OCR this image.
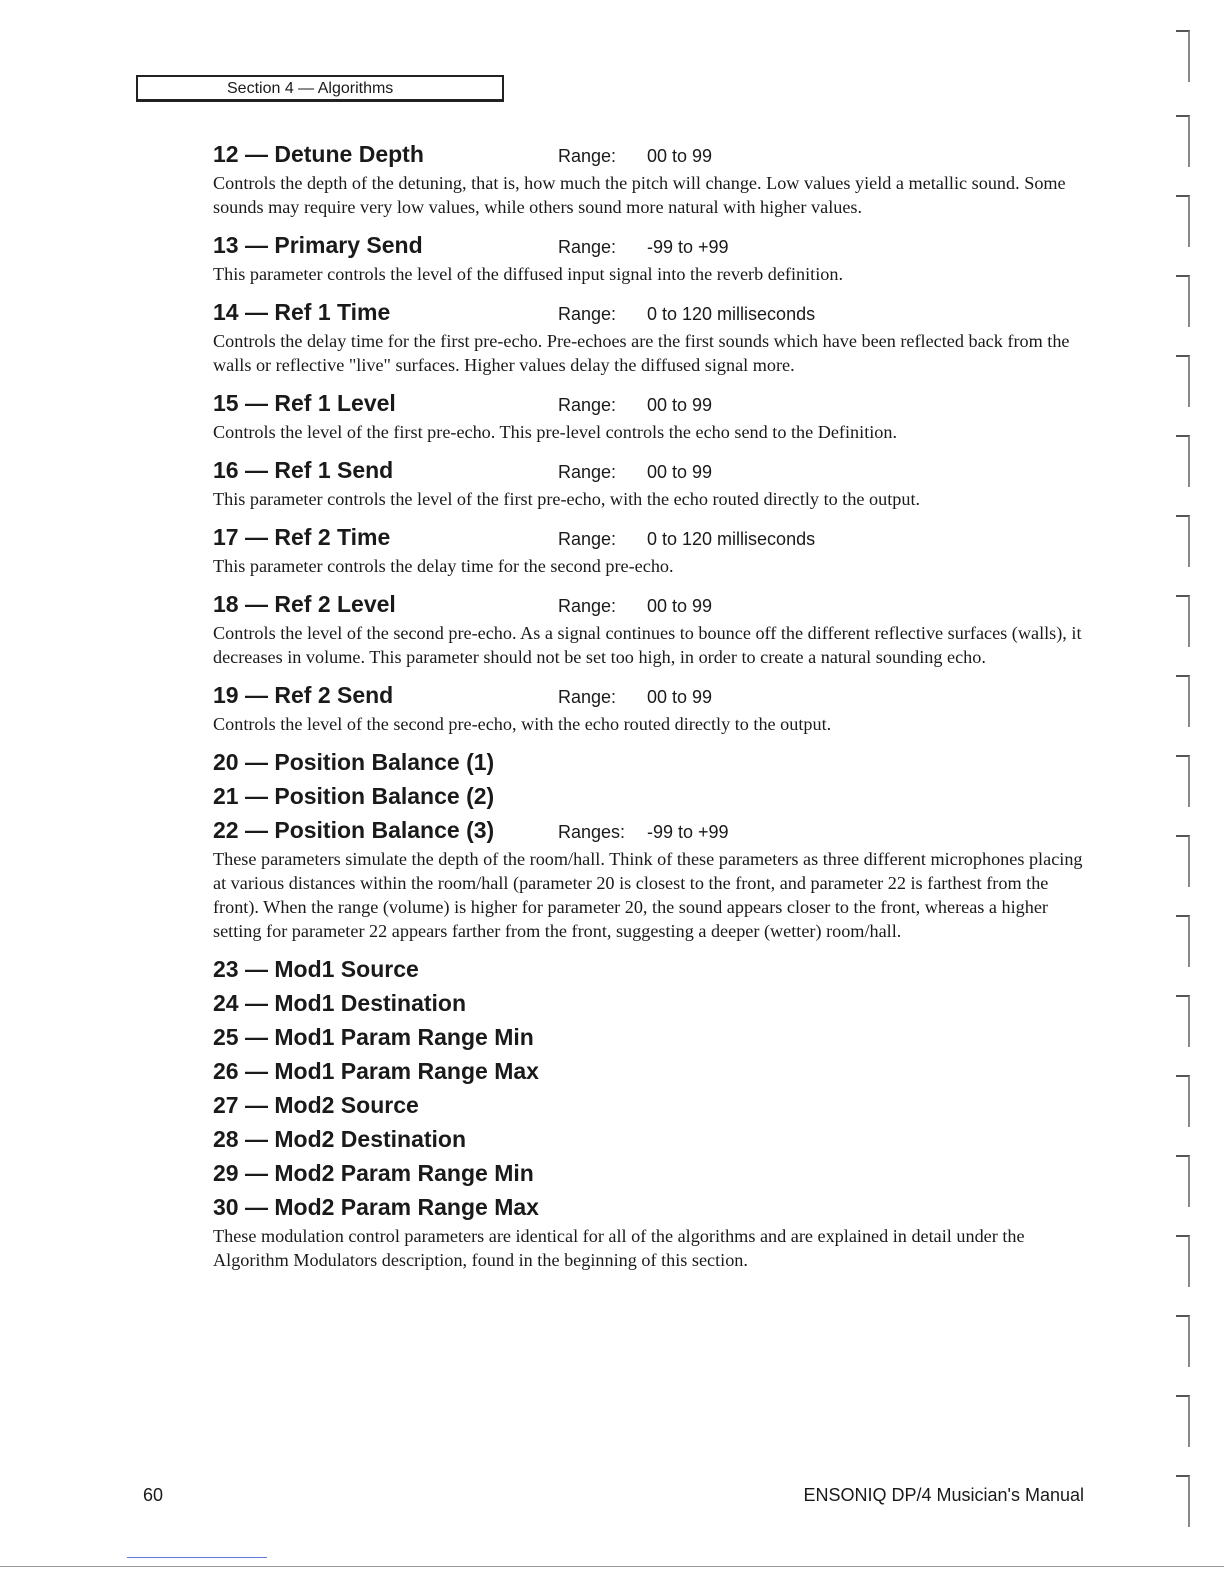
Section 4 — Algorithms
12 — Detune Depth	Range: 00 to 99

Controls the depth of the detuning, that is, how much the pitch will change. Low values yield a metallic sound. Some sounds may require very low values, while others sound more natural with higher values.

13 — Primary Send	Range: -99 to +99

This parameter controls the level of the diffused input signal into the reverb definition.

14 — Ref 1 Time	Range: 0 to 120 milliseconds

Controls the delay time for the first pre-echo. Pre-echoes are the first sounds which have been reflected back from the walls or reflective "live" surfaces. Higher values delay the diffused signal more.

15 — Ref 1 Level	Range: 00 to 99

Controls the level of the first pre-echo. This pre-level controls the echo send to the Definition.

16 — Ref 1 Send	Range: 00 to 99

This parameter controls the level of the first pre-echo, with the echo routed directly to the output.

17 — Ref 2 Time	Range: 0 to 120 milliseconds

This parameter controls the delay time for the second pre-echo.

18 — Ref 2 Level	Range: 00 to 99

Controls the level of the second pre-echo. As a signal continues to bounce off the different reflective surfaces (walls), it decreases in volume. This parameter should not be set too high, in order to create a natural sounding echo.

19 — Ref 2 Send	Range: 00 to 99

Controls the level of the second pre-echo, with the echo routed directly to the output.

20 — Position Balance (1)
21 — Position Balance (2)
22 — Position Balance (3)	Ranges: -99 to +99

These parameters simulate the depth of the room/hall. Think of these parameters as three different microphones placing at various distances within the room/hall (parameter 20 is closest to the front, and parameter 22 is farthest from the front). When the range (volume) is higher for parameter 20, the sound appears closer to the front, whereas a higher setting for parameter 22 appears farther from the front, suggesting a deeper (wetter) room/hall.

23 — Mod1 Source
24 — Mod1 Destination
25 — Mod1 Param Range Min
26 — Mod1 Param Range Max
27 — Mod2 Source
28 — Mod2 Destination
29 — Mod2 Param Range Min
30 — Mod2 Param Range Max

These modulation control parameters are identical for all of the algorithms and are explained in detail under the Algorithm Modulators description, found in the beginning of this section.

60	ENSONIQ DP/4 Musician's Manual
